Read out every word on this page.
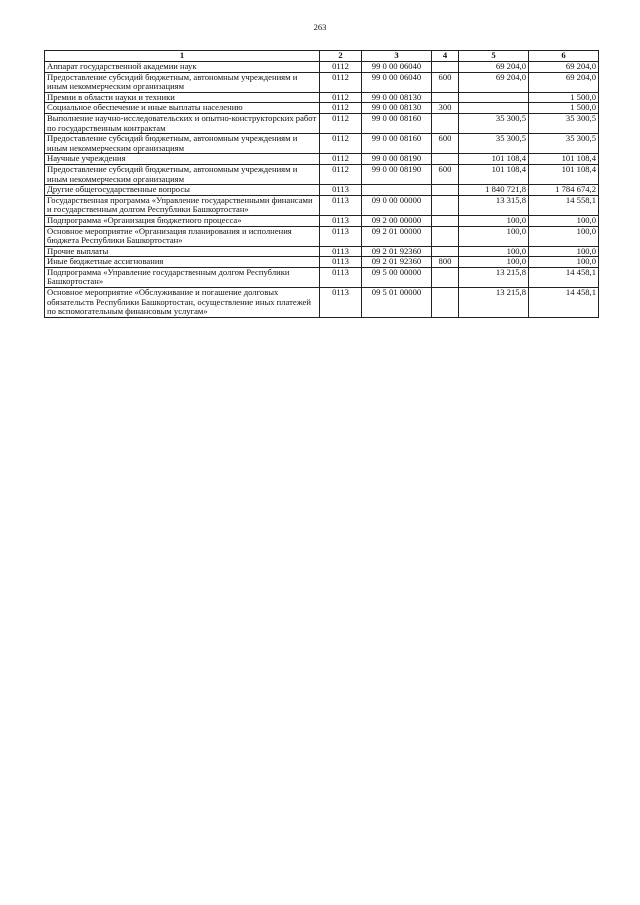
263
1	2	3	4	5	6
Аппарат государственной академии наук	0112	99 0 00 06040		69 204,0	69 204,0
Предоставление субсидий бюджетным, автономным учреждениям и иным некоммерческим организациям	0112	99 0 00 06040	600	69 204,0	69 204,0
Премии в области науки и техники	0112	99 0 00 08130			1 500,0
Социальное обеспечение и иные выплаты населению	0112	99 0 00 08130	300		1 500,0
Выполнение научно-исследовательских и опытно-конструкторских работ по государственным контрактам	0112	99 0 00 08160		35 300,5	35 300,5
Предоставление субсидий бюджетным, автономным учреждениям и иным некоммерческим организациям	0112	99 0 00 08160	600	35 300,5	35 300,5
Научные учреждения	0112	99 0 00 08190		101 108,4	101 108,4
Предоставление субсидий бюджетным, автономным учреждениям и иным некоммерческим организациям	0112	99 0 00 08190	600	101 108,4	101 108,4
Другие общегосударственные вопросы	0113			1 840 721,8	1 784 674,2
Государственная программа «Управление государственными финансами и государственным долгом Республики Башкортостан»	0113	09 0 00 00000		13 315,8	14 558,1
Подпрограмма «Организация бюджетного процесса»	0113	09 2 00 00000		100,0	100,0
Основное мероприятие «Организация планирования и исполнения бюджета Республики Башкортостан»	0113	09 2 01 00000		100,0	100,0
Прочие выплаты	0113	09 2 01 92360		100,0	100,0
Иные бюджетные ассигнования	0113	09 2 01 92360	800	100,0	100,0
Подпрограмма «Управление государственным долгом Республики Башкортостан»	0113	09 5 00 00000		13 215,8	14 458,1
Основное мероприятие «Обслуживание и погашение долговых обязательств Республики Башкортостан, осуществление иных платежей по вспомогательным финансовым услугам»	0113	09 5 01 00000		13 215,8	14 458,1
